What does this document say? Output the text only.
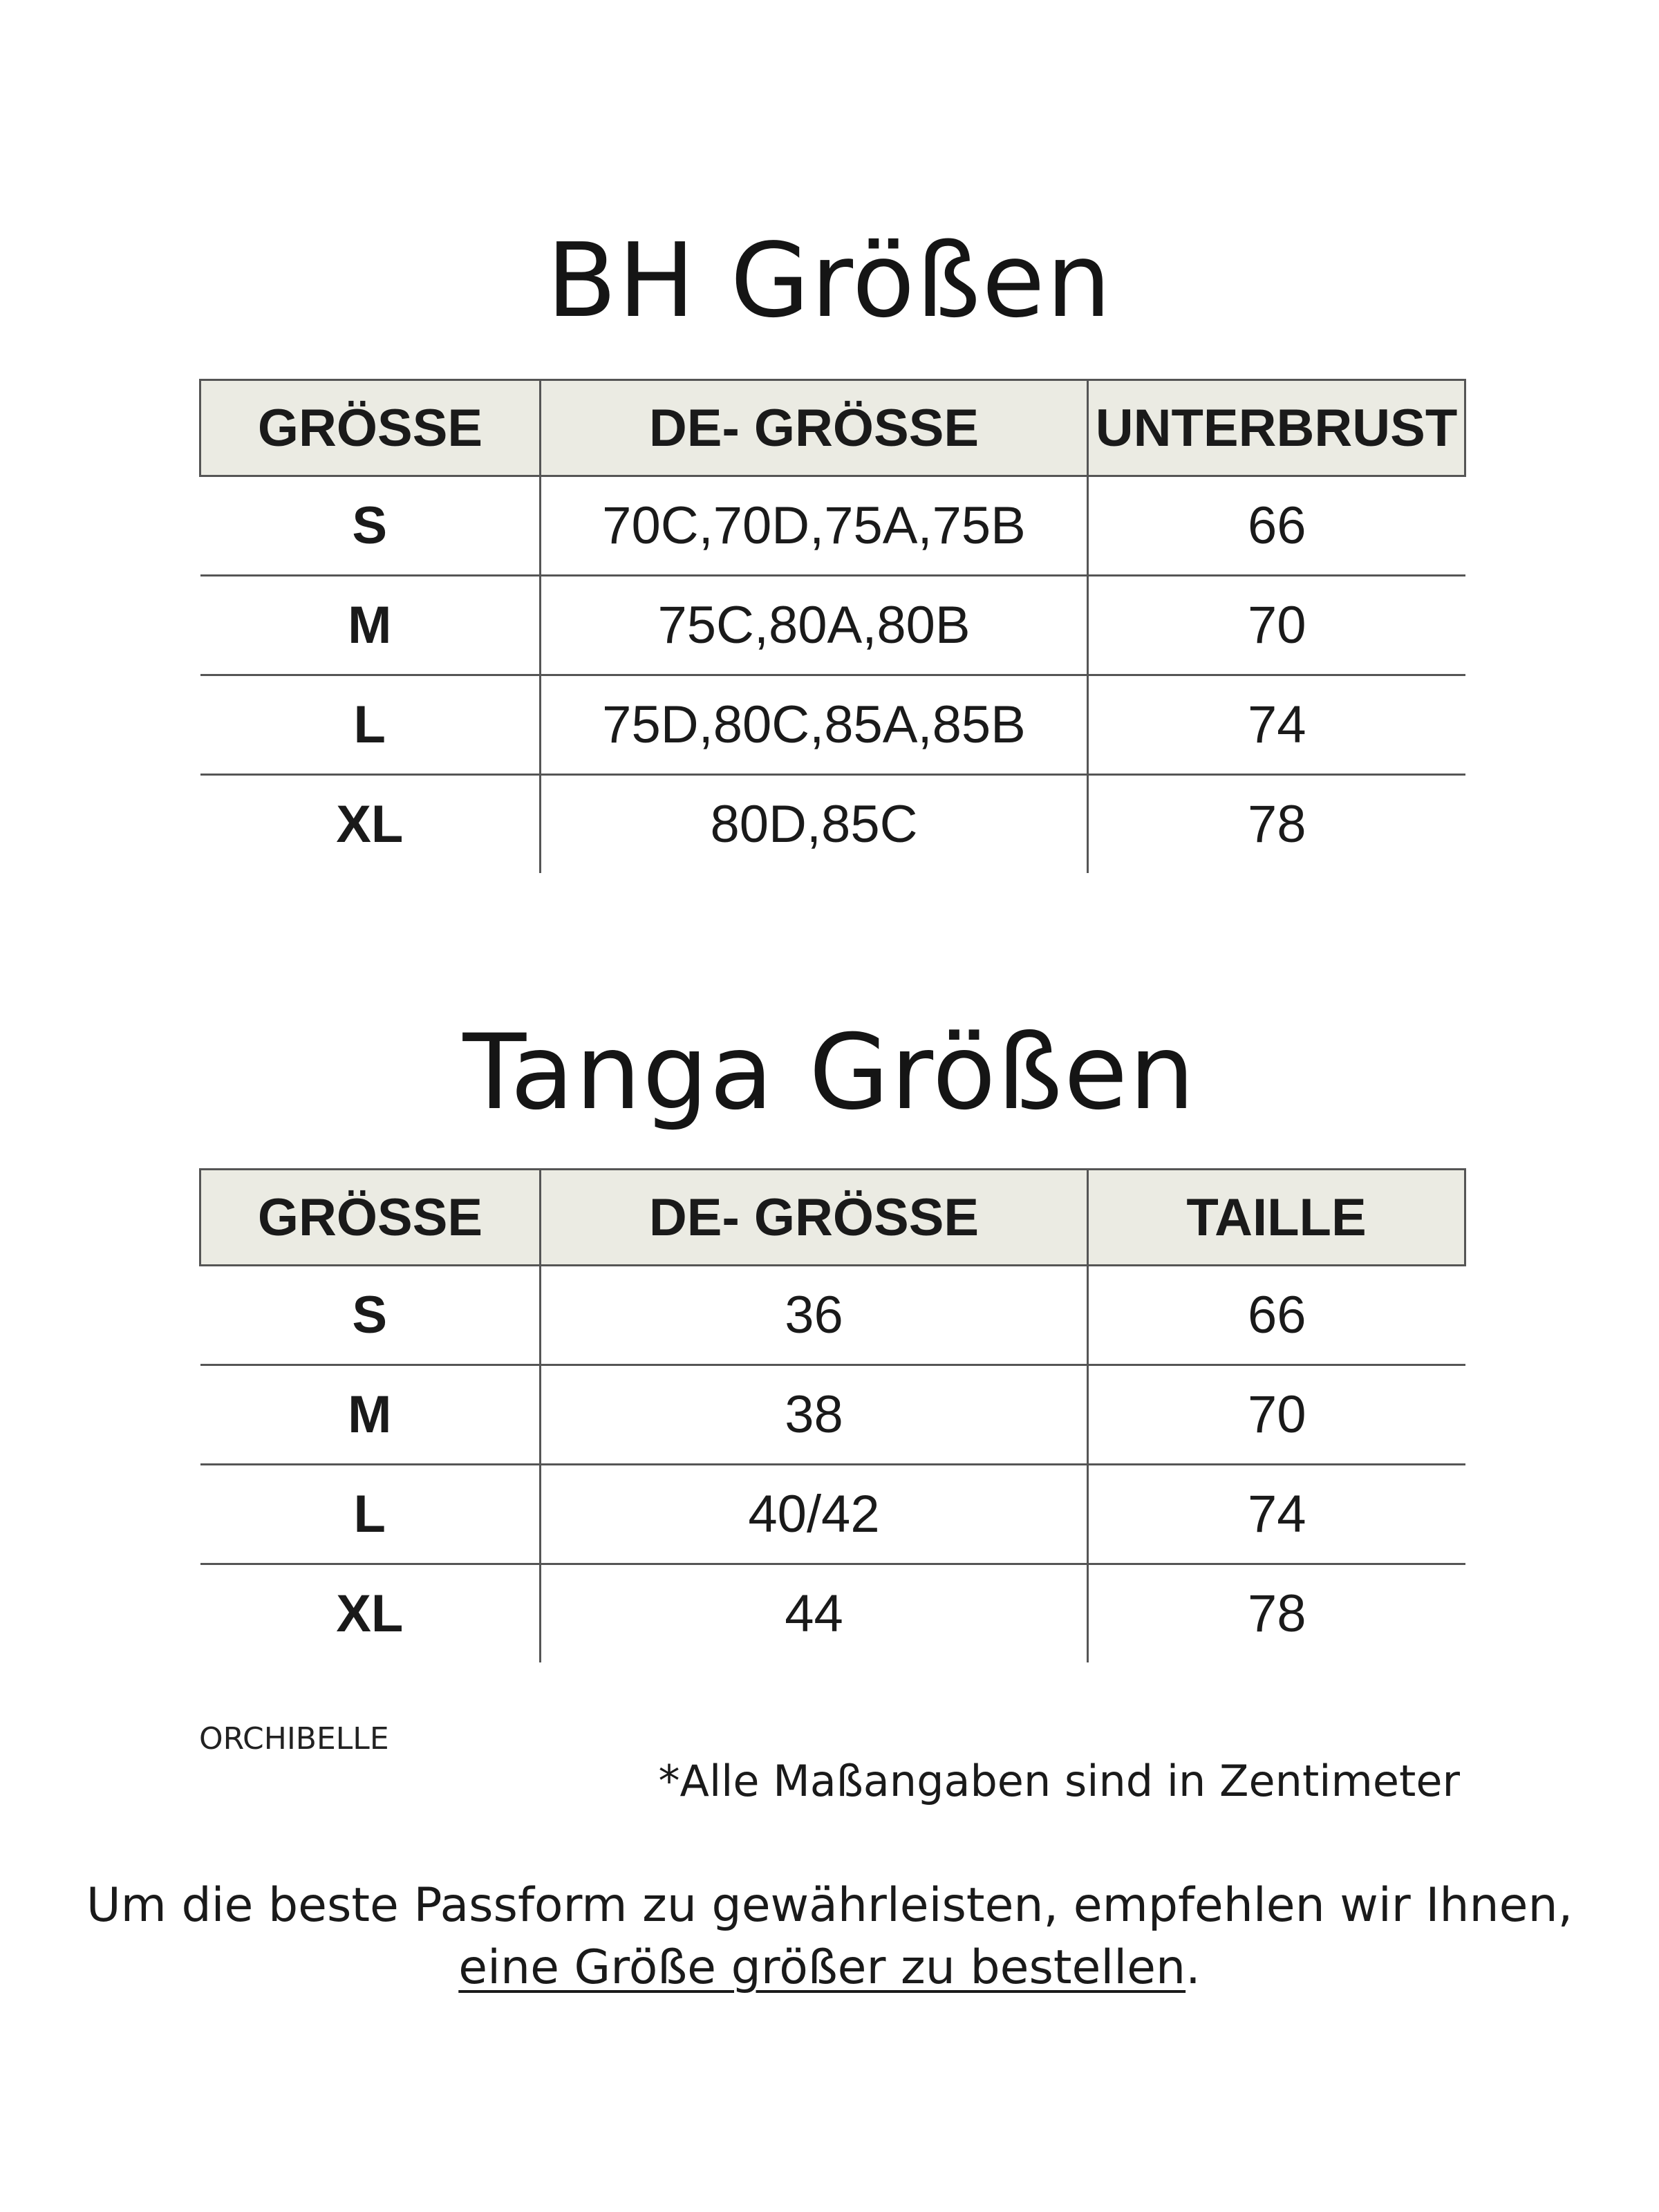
BH Größen
GRÖSSE	DE- GRÖSSE	UNTERBRUST
S	70C,70D,75A,75B	66
M	75C,80A,80B	70
L	75D,80C,85A,85B	74
XL	80D,85C	78
Tanga Größen
GRÖSSE	DE- GRÖSSE	TAILLE
S	36	66
M	38	70
L	40/42	74
XL	44	78
ORCHIBELLE
*Alle Maßangaben sind in Zentimeter
Um die beste Passform zu gewährleisten, empfehlen wir Ihnen,
eine Größe größer zu bestellen.
